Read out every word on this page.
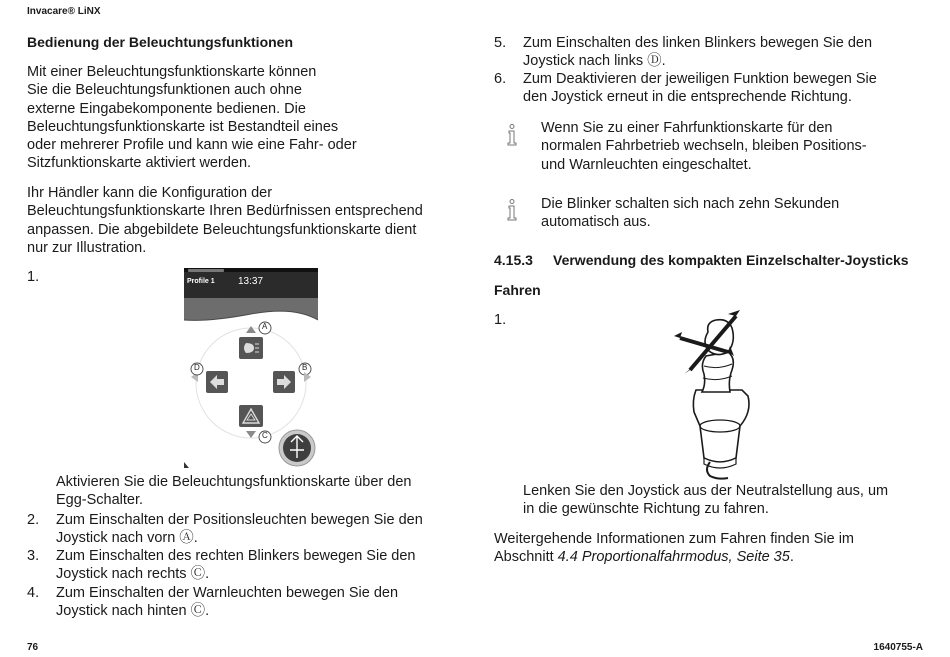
Invacare® LiNX
Bedienung der Beleuchtungsfunktionen
Mit einer Beleuchtungsfunktionskarte können
Sie die Beleuchtungsfunktionen auch ohne
externe Eingabekomponente bedienen. Die
Beleuchtungsfunktionskarte ist Bestandteil eines
oder mehrerer Profile und kann wie eine Fahr- oder
Sitzfunktionskarte aktiviert werden.
Ihr Händler kann die Konfiguration der
Beleuchtungsfunktionskarte Ihren Bedürfnissen entsprechend
anpassen. Die abgebildete Beleuchtungsfunktionskarte dient
nur zur Illustration.
1.	Profile 1 13:37
A
B
C
D
Aktivieren Sie die Beleuchtungsfunktionskarte über den
Egg-Schalter.
2. Zum Einschalten der Positionsleuchten bewegen Sie den
Joystick nach vorn Ⓐ.
3. Zum Einschalten des rechten Blinkers bewegen Sie den
Joystick nach rechts Ⓒ.
4. Zum Einschalten der Warnleuchten bewegen Sie den
Joystick nach hinten Ⓒ.
5. Zum Einschalten des linken Blinkers bewegen Sie den
Joystick nach links Ⓓ.
6. Zum Deaktivieren der jeweiligen Funktion bewegen Sie
den Joystick erneut in die entsprechende Richtung.
Wenn Sie zu einer Fahrfunktionskarte für den
normalen Fahrbetrieb wechseln, bleiben Positions-
und Warnleuchten eingeschaltet.
Die Blinker schalten sich nach zehn Sekunden
automatisch aus.
4.15.3 Verwendung des kompakten Einzelschalter-Joysticks
Fahren
1.
Lenken Sie den Joystick aus der Neutralstellung aus, um
in die gewünschte Richtung zu fahren.
Weitergehende Informationen zum Fahren finden Sie im
Abschnitt 4.4 Proportionalfahrmodus, Seite 35.
76	1640755-A
